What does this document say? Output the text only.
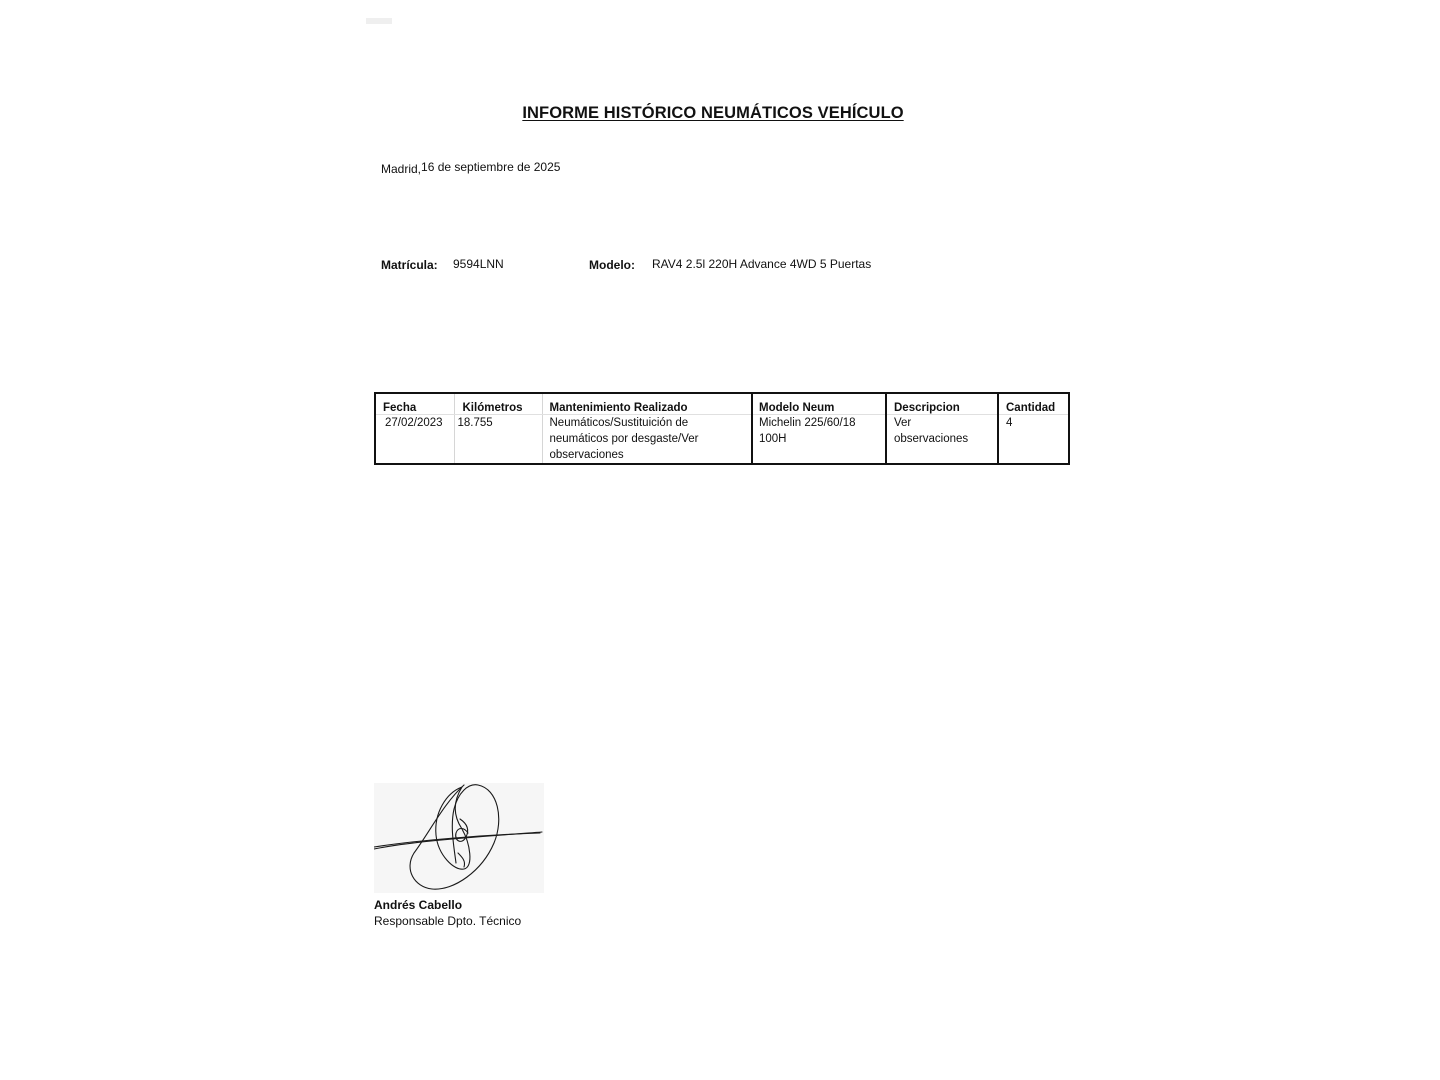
INFORME HISTÓRICO NEUMÁTICOS VEHÍCULO
Madrid,16 de septiembre de 2025
Matrícula: 9594LNN	Modelo: RAV4 2.5l 220H Advance 4WD 5 Puertas
Fecha	Kilómetros	Mantenimiento Realizado	Modelo Neum	Descripcion	Cantidad
27/02/2023	18.755	Neumáticos/Sustituición de
neumáticos por desgaste/Ver
observaciones

Michelin 225/60/18
100H

Ver
observaciones
	4
Andrés Cabello
Responsable Dpto. Técnico
